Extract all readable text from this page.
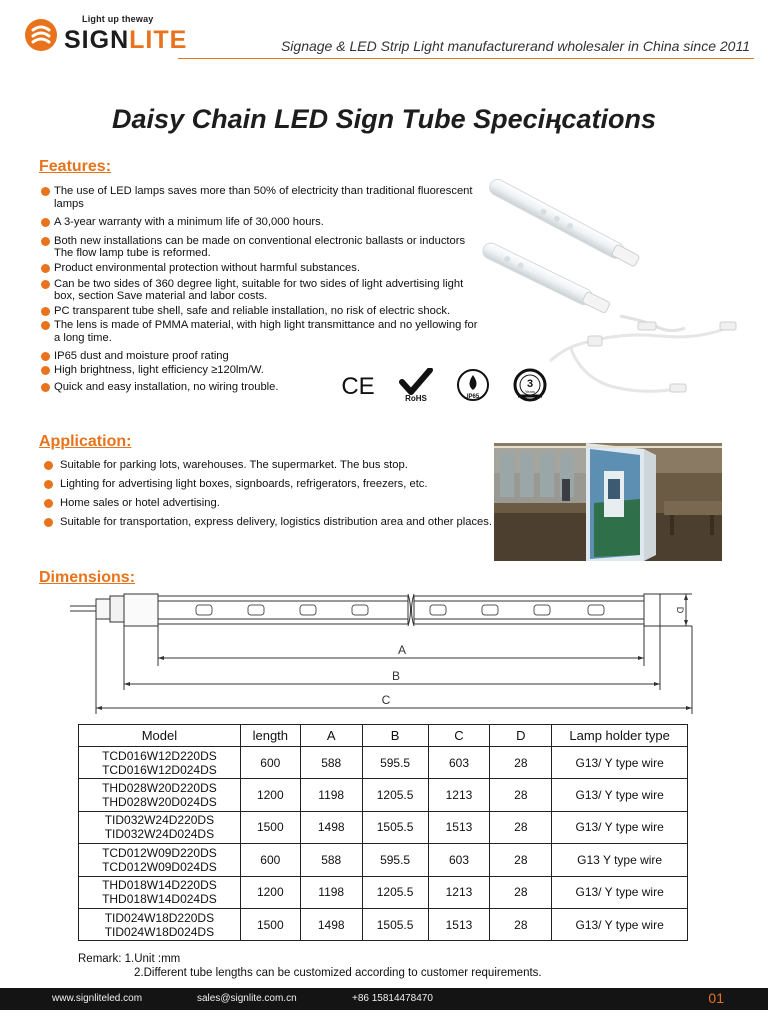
Light up theway
SIGNLITE	Signage & LED Strip Light manufacturerand wholesaler in China since 2011
Daisy Chain LED Sign Tube Speciңcations
Features:
The use of LED lamps saves more than 50% of electricity than traditional fluorescent lamps
A 3-year warranty with a minimum life of 30,000 hours.
Both new installations can be made on conventional electronic ballasts or inductors The flow lamp tube is reformed.
Product environmental protection without harmful substances.
Can be two sides of 360 degree light, suitable for two sides of light advertising light box, section Save material and labor costs.
PC transparent tube shell, safe and reliable installation, no risk of electric shock.
The lens is made of PMMA material, with high light transmittance and no yellowing for a long time.
IP65 dust and moisture proof rating
High brightness, light efficiency ≥120lm/W.
Quick and easy installation, no wiring trouble.	CE	RoHS	IP65
3
Years
Application:
Suitable for parking lots, warehouses. The supermarket. The bus stop.
Lighting for advertising light boxes, signboards, refrigerators, freezers, etc.
Home sales or hotel advertising.
Suitable for transportation, express delivery, logistics distribution area and other places.
Dimensions:
A
B
C
D
Model	length	A	B	C	D	Lamp holder type

TCD016W12D220DS
TCD016W12D024DS	600	588	595.5	603	28	G13/ Y type wire

THD028W20D220DS
THD028W20D024DS	1200	1198	1205.5	1213	28	G13/ Y type wire

TID032W24D220DS
TID032W24D024DS	1500	1498	1505.5	1513	28	G13/ Y type wire

TCD012W09D220DS
TCD012W09D024DS	600	588	595.5	603	28	G13 Y type wire

THD018W14D220DS
THD018W14D024DS	1200	1198	1205.5	1213	28	G13/ Y type wire

TID024W18D220DS
TID024W18D024DS	1500	1498	1505.5	1513	28	G13/ Y type wire
Remark: 1.Unit :mm
2.Different tube lengths can be customized according to customer requirements.
www.signliteled.com	sales@signlite.com.cn	+86 15814478470	01
